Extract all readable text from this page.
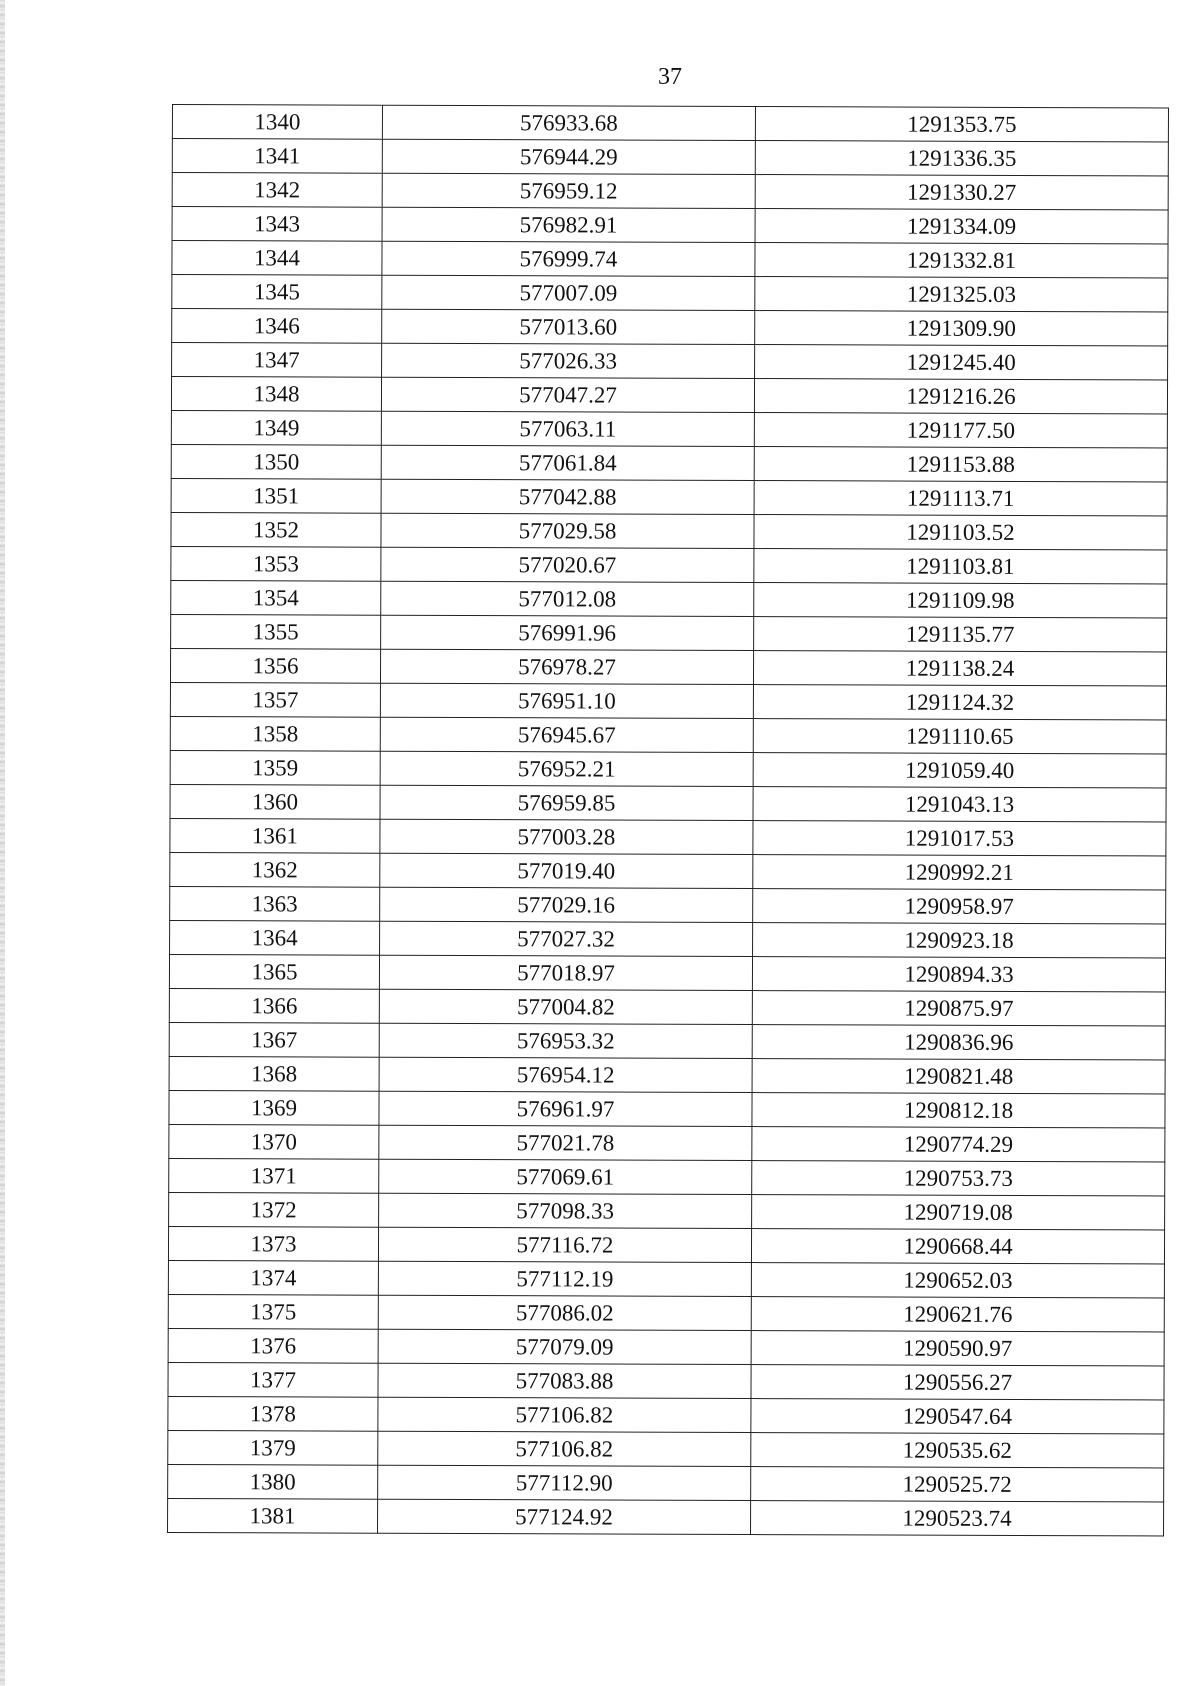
37
1340	576933.68	1291353.75
1341	576944.29	1291336.35
1342	576959.12	1291330.27
1343	576982.91	1291334.09
1344	576999.74	1291332.81
1345	577007.09	1291325.03
1346	577013.60	1291309.90
1347	577026.33	1291245.40
1348	577047.27	1291216.26
1349	577063.11	1291177.50
1350	577061.84	1291153.88
1351	577042.88	1291113.71
1352	577029.58	1291103.52
1353	577020.67	1291103.81
1354	577012.08	1291109.98
1355	576991.96	1291135.77
1356	576978.27	1291138.24
1357	576951.10	1291124.32
1358	576945.67	1291110.65
1359	576952.21	1291059.40
1360	576959.85	1291043.13
1361	577003.28	1291017.53
1362	577019.40	1290992.21
1363	577029.16	1290958.97
1364	577027.32	1290923.18
1365	577018.97	1290894.33
1366	577004.82	1290875.97
1367	576953.32	1290836.96
1368	576954.12	1290821.48
1369	576961.97	1290812.18
1370	577021.78	1290774.29
1371	577069.61	1290753.73
1372	577098.33	1290719.08
1373	577116.72	1290668.44
1374	577112.19	1290652.03
1375	577086.02	1290621.76
1376	577079.09	1290590.97
1377	577083.88	1290556.27
1378	577106.82	1290547.64
1379	577106.82	1290535.62
1380	577112.90	1290525.72
1381	577124.92	1290523.74
